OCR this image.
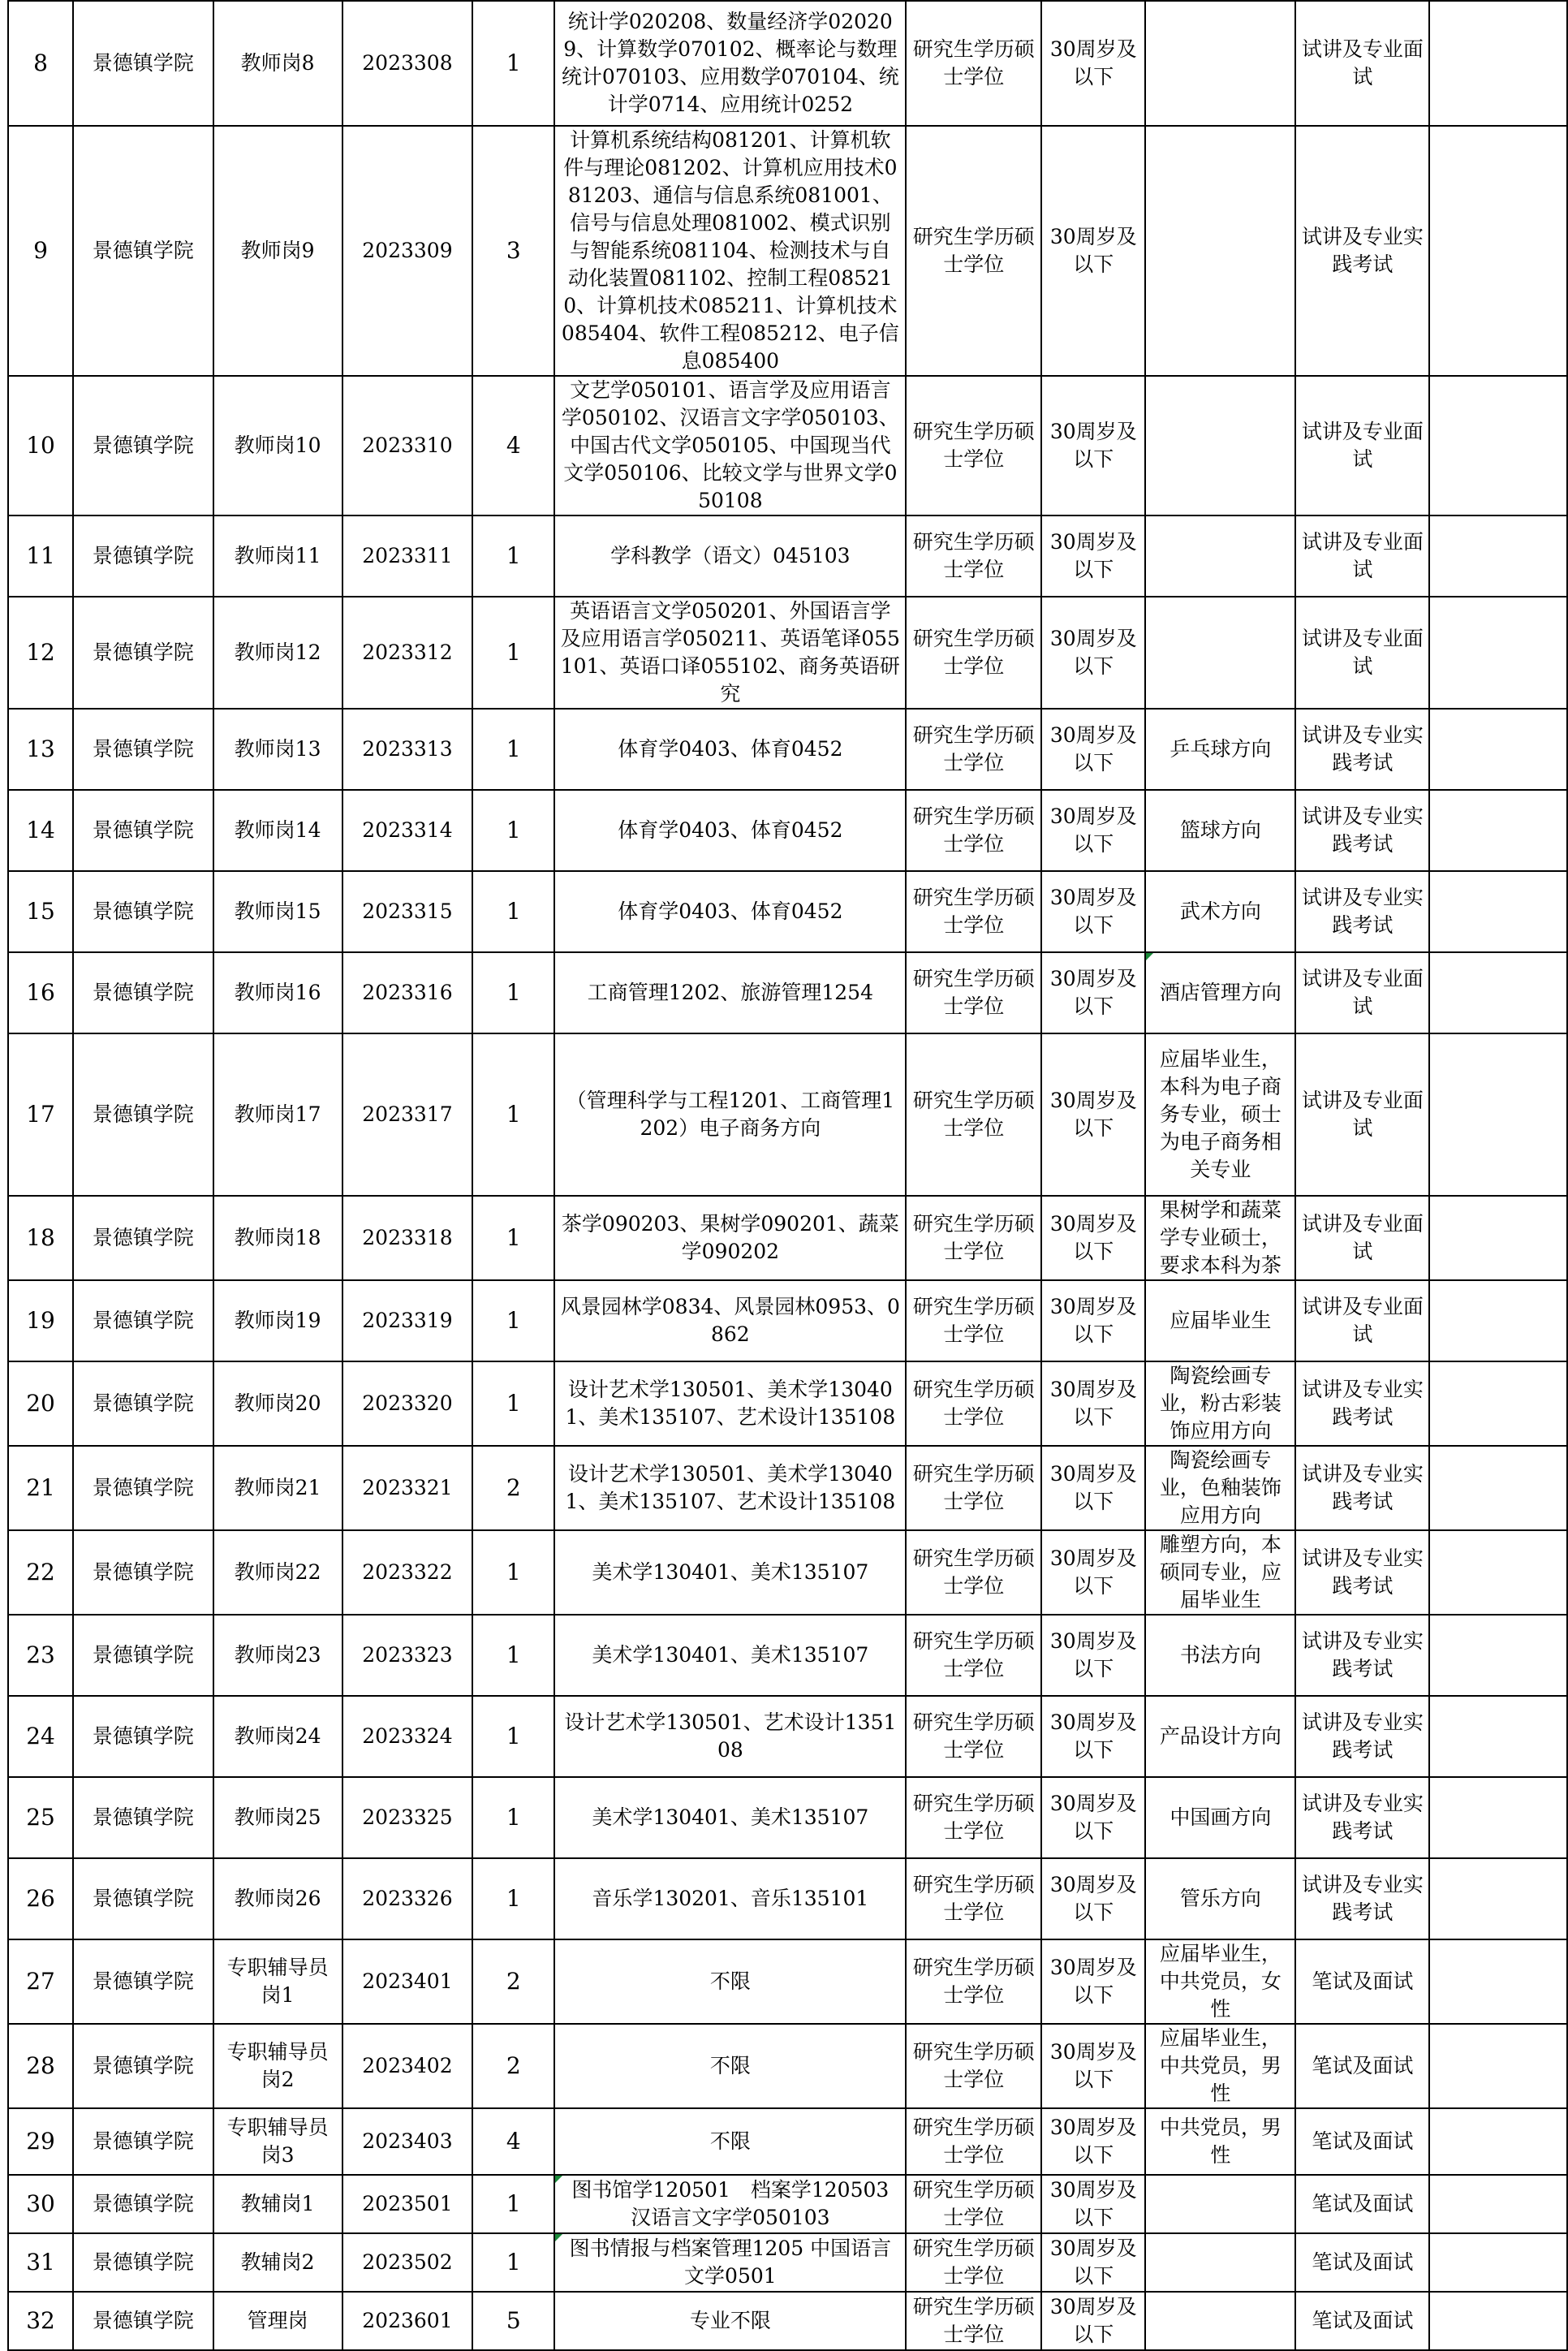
8	景德镇学院	教师岗8	2023308	1	统计学020208、数量经济学020209、计算数学070102、概率论与数理统计070103、应用数学070104、统计学0714、应用统计0252	研究生学历硕士学位	30周岁及以下		试讲及专业面试	
9	景德镇学院	教师岗9	2023309	3	计算机系统结构081201、计算机软件与理论081202、计算机应用技术081203、通信与信息系统081001、信号与信息处理081002、模式识别与智能系统081104、检测技术与自动化装置081102、控制工程085210、计算机技术085211、计算机技术085404、软件工程085212、电子信息085400	研究生学历硕士学位	30周岁及以下		试讲及专业实践考试	
10	景德镇学院	教师岗10	2023310	4	文艺学050101、语言学及应用语言学050102、汉语言文字学050103、中国古代文学050105、中国现当代文学050106、比较文学与世界文学050108	研究生学历硕士学位	30周岁及以下		试讲及专业面试	
11	景德镇学院	教师岗11	2023311	1	学科教学（语文）045103	研究生学历硕士学位	30周岁及以下		试讲及专业面试	
12	景德镇学院	教师岗12	2023312	1	英语语言文学050201、外国语言学及应用语言学050211、英语笔译055101、英语口译055102、商务英语研究	研究生学历硕士学位	30周岁及以下		试讲及专业面试	
13	景德镇学院	教师岗13	2023313	1	体育学0403、体育0452	研究生学历硕士学位	30周岁及以下	乒乓球方向	试讲及专业实践考试	
14	景德镇学院	教师岗14	2023314	1	体育学0403、体育0452	研究生学历硕士学位	30周岁及以下	篮球方向	试讲及专业实践考试	
15	景德镇学院	教师岗15	2023315	1	体育学0403、体育0452	研究生学历硕士学位	30周岁及以下	武术方向	试讲及专业实践考试	
16	景德镇学院	教师岗16	2023316	1	工商管理1202、旅游管理1254	研究生学历硕士学位	30周岁及以下	酒店管理方向	试讲及专业面试	
17	景德镇学院	教师岗17	2023317	1	（管理科学与工程1201、工商管理1202）电子商务方向	研究生学历硕士学位	30周岁及以下	应届毕业生，本科为电子商务专业，硕士为电子商务相关专业	试讲及专业面试	
18	景德镇学院	教师岗18	2023318	1	茶学090203、果树学090201、蔬菜学090202	研究生学历硕士学位	30周岁及以下	果树学和蔬菜学专业硕士，要求本科为茶	试讲及专业面试	
19	景德镇学院	教师岗19	2023319	1	风景园林学0834、风景园林0953、0862	研究生学历硕士学位	30周岁及以下	应届毕业生	试讲及专业面试	
20	景德镇学院	教师岗20	2023320	1	设计艺术学130501、美术学130401、美术135107、艺术设计135108	研究生学历硕士学位	30周岁及以下	陶瓷绘画专业，粉古彩装饰应用方向	试讲及专业实践考试	
21	景德镇学院	教师岗21	2023321	2	设计艺术学130501、美术学130401、美术135107、艺术设计135108	研究生学历硕士学位	30周岁及以下	陶瓷绘画专业，色釉装饰应用方向	试讲及专业实践考试	
22	景德镇学院	教师岗22	2023322	1	美术学130401、美术135107	研究生学历硕士学位	30周岁及以下	雕塑方向，本硕同专业，应届毕业生	试讲及专业实践考试	
23	景德镇学院	教师岗23	2023323	1	美术学130401、美术135107	研究生学历硕士学位	30周岁及以下	书法方向	试讲及专业实践考试	
24	景德镇学院	教师岗24	2023324	1	设计艺术学130501、艺术设计135108	研究生学历硕士学位	30周岁及以下	产品设计方向	试讲及专业实践考试	
25	景德镇学院	教师岗25	2023325	1	美术学130401、美术135107	研究生学历硕士学位	30周岁及以下	中国画方向	试讲及专业实践考试	
26	景德镇学院	教师岗26	2023326	1	音乐学130201、音乐135101	研究生学历硕士学位	30周岁及以下	管乐方向	试讲及专业实践考试	
27	景德镇学院	专职辅导员岗1	2023401	2	不限	研究生学历硕士学位	30周岁及以下	应届毕业生，中共党员，女性	笔试及面试	
28	景德镇学院	专职辅导员岗2	2023402	2	不限	研究生学历硕士学位	30周岁及以下	应届毕业生，中共党员，男性	笔试及面试	
29	景德镇学院	专职辅导员岗3	2023403	4	不限	研究生学历硕士学位	30周岁及以下	中共党员，男性	笔试及面试	
30	景德镇学院	教辅岗1	2023501	1	图书馆学120501　档案学120503 汉语言文字学050103	研究生学历硕士学位	30周岁及以下		笔试及面试	
31	景德镇学院	教辅岗2	2023502	1	图书情报与档案管理1205 中国语言文学0501	研究生学历硕士学位	30周岁及以下		笔试及面试	
32	景德镇学院	管理岗	2023601	5	专业不限	研究生学历硕士学位	30周岁及以下		笔试及面试	
